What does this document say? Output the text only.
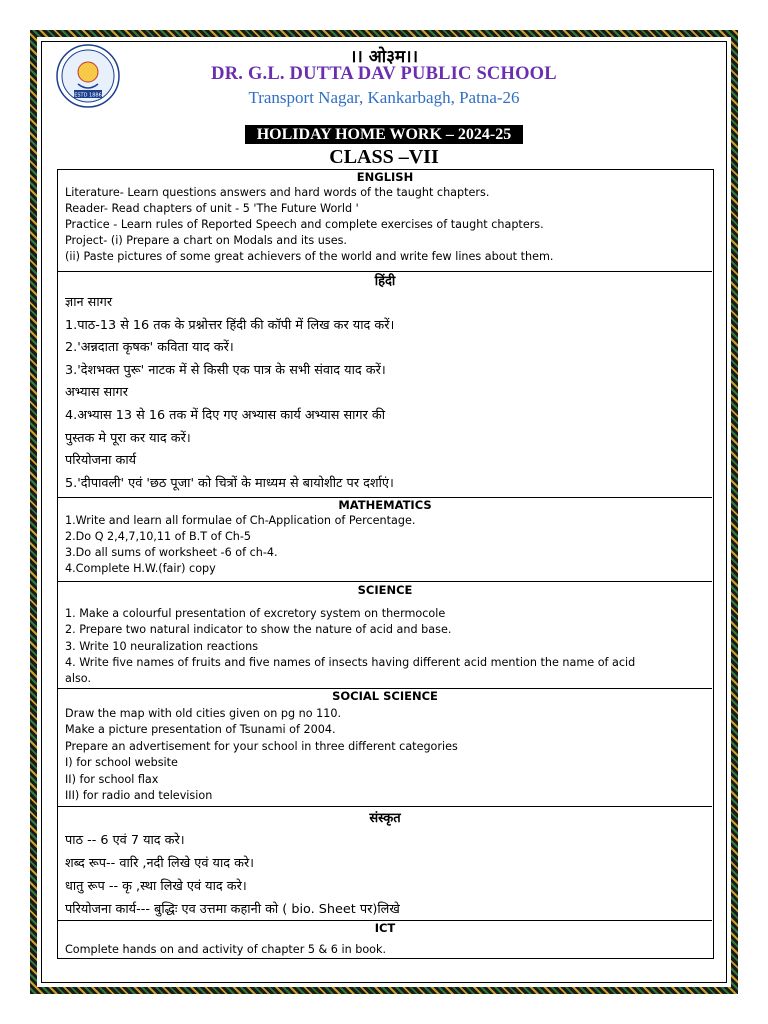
ESTD 1886
।। ओ३म।।
DR. G.L. DUTTA DAV PUBLIC SCHOOL
Transport Nagar, Kankarbagh, Patna-26
HOLIDAY HOME WORK – 2024-25
CLASS –VII
ENGLISH
Literature- Learn questions answers and hard words of the taught chapters.
Reader- Read chapters of unit - 5 'The Future World '
Practice - Learn rules of Reported Speech and complete exercises of taught chapters.
Project- (i) Prepare a chart on Modals and its uses.
(ii) Paste pictures of some great achievers of the world and write few lines about them.
हिंदी
ज्ञान सागर
1.पाठ-13 से 16 तक के प्रश्नोत्तर हिंदी की कॉपी में लिख कर याद करें।
2.'अन्नदाता कृषक' कविता याद करें।
3.'देशभक्त पुरू' नाटक में से किसी एक पात्र के सभी संवाद याद करें।
अभ्यास सागर
4.अभ्यास 13 से 16 तक में दिए गए अभ्यास कार्य अभ्यास सागर की
पुस्तक मे पूरा कर याद करें।
परियोजना कार्य
5.'दीपावली' एवं 'छठ पूजा' को चित्रों के माध्यम से बायोशीट पर दर्शाएं।
MATHEMATICS
1.Write and learn all formulae of Ch-Application of Percentage.
2.Do Q 2,4,7,10,11 of B.T of Ch-5
3.Do all sums of worksheet -6 of ch-4.
4.Complete H.W.(fair) copy
SCIENCE
1. Make a colourful presentation of excretory system on thermocole
2. Prepare two natural indicator to show the nature of acid and base.
3. Write 10 neuralization reactions
4. Write five names of fruits and five names of insects having different acid mention the name of acid
also.
SOCIAL SCIENCE
Draw the map with old cities given on pg no 110.
Make a picture presentation of Tsunami of 2004.
Prepare an advertisement for your school in three different categories
I) for school website
II) for school flax
III) for radio and television
संस्कृत
पाठ -- 6 एवं 7 याद करे।
शब्द रूप-- वारि ,नदी लिखे एवं याद करे।
धातु रूप -- कृ ,स्था लिखे एवं याद करे।
परियोजना कार्य--- बुद्धिः एव उत्तमा कहानी को ( bio. Sheet पर)लिखे
ICT
Complete hands on and activity of chapter 5 & 6 in book.
